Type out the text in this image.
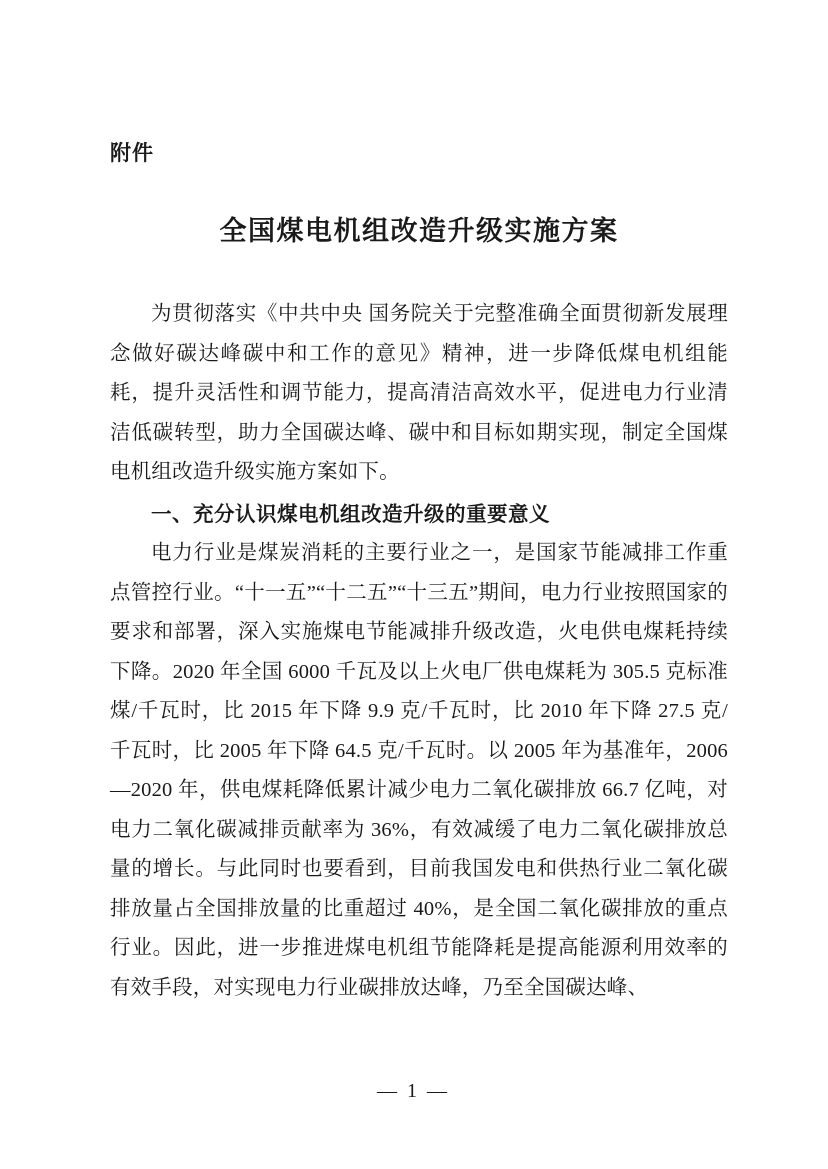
附件
全国煤电机组改造升级实施方案

为贯彻落实《中共中央 国务院关于完整准确全面贯彻新发展理念做好碳达峰碳中和工作的意见》精神，进一步降低煤电机组能耗，提升灵活性和调节能力，提高清洁高效水平，促进电力行业清洁低碳转型，助力全国碳达峰、碳中和目标如期实现，制定全国煤电机组改造升级实施方案如下。

一、充分认识煤电机组改造升级的重要意义

电力行业是煤炭消耗的主要行业之一，是国家节能减排工作重点管控行业。“十一五”“十二五”“十三五”期间，电力行业按照国家的要求和部署，深入实施煤电节能减排升级改造，火电供电煤耗持续下降。2020 年全国 6000 千瓦及以上火电厂供电煤耗为 305.5 克标准煤/千瓦时，比 2015 年下降 9.9 克/千瓦时，比 2010 年下降 27.5 克/千瓦时，比 2005 年下降 64.5 克/千瓦时。以 2005 年为基准年，2006—2020 年，供电煤耗降低累计减少电力二氧化碳排放 66.7 亿吨，对电力二氧化碳减排贡献率为 36%，有效减缓了电力二氧化碳排放总量的增长。与此同时也要看到，目前我国发电和供热行业二氧化碳排放量占全国排放量的比重超过 40%，是全国二氧化碳排放的重点行业。因此，进一步推进煤电机组节能降耗是提高能源利用效率的有效手段，对实现电力行业碳排放达峰，乃至全国碳达峰、

— 1 —
